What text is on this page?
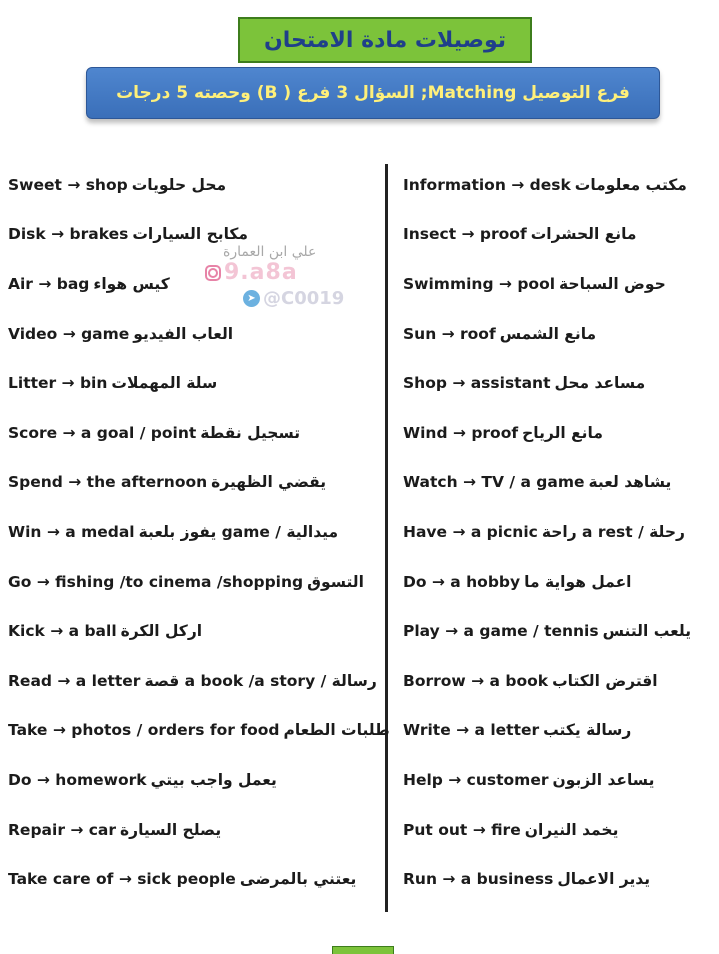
توصيلات مادة الامتحان
فرع التوصيل Matching; السؤال 3 فرع ( B) وحصته 5 درجات
Sweet → shop محل حلويات
Disk → brakes مكابح السيارات
Air → bag كيس هواء
Video → game العاب الفيديو
Litter → bin سلة المهملات
Score → a goal / point تسجيل نقطة
Spend → the afternoon يقضي الظهيرة
Win → a medal ميدالية / game يفوز بلعبة
Go → fishing /to cinema /shopping التسوق
Kick → a ball اركل الكرة
Read → a letter رسالة / a book /a story قصة
Take → photos / orders for food طلبات الطعام
Do → homework يعمل واجب بيتي
Repair → car يصلح السيارة
Take care of → sick people يعتني بالمرضى
Information → desk مكتب معلومات
Insect → proof مانع الحشرات
Swimming → pool حوض السباحة
Sun → roof مانع الشمس
Shop → assistant مساعد محل
Wind → proof مانع الرياح
Watch → TV / a game يشاهد لعبة
Have → a picnic رحلة / a rest راحة
Do → a hobby اعمل هواية ما
Play → a game / tennis يلعب التنس
Borrow → a book اقترض الكتاب
Write → a letter رسالة يكتب
Help → customer يساعد الزبون
Put out → fire يخمد النيران
Run → a business يدير الاعمال
علي ابن العمارة
9.a8a
➤ @C0019
